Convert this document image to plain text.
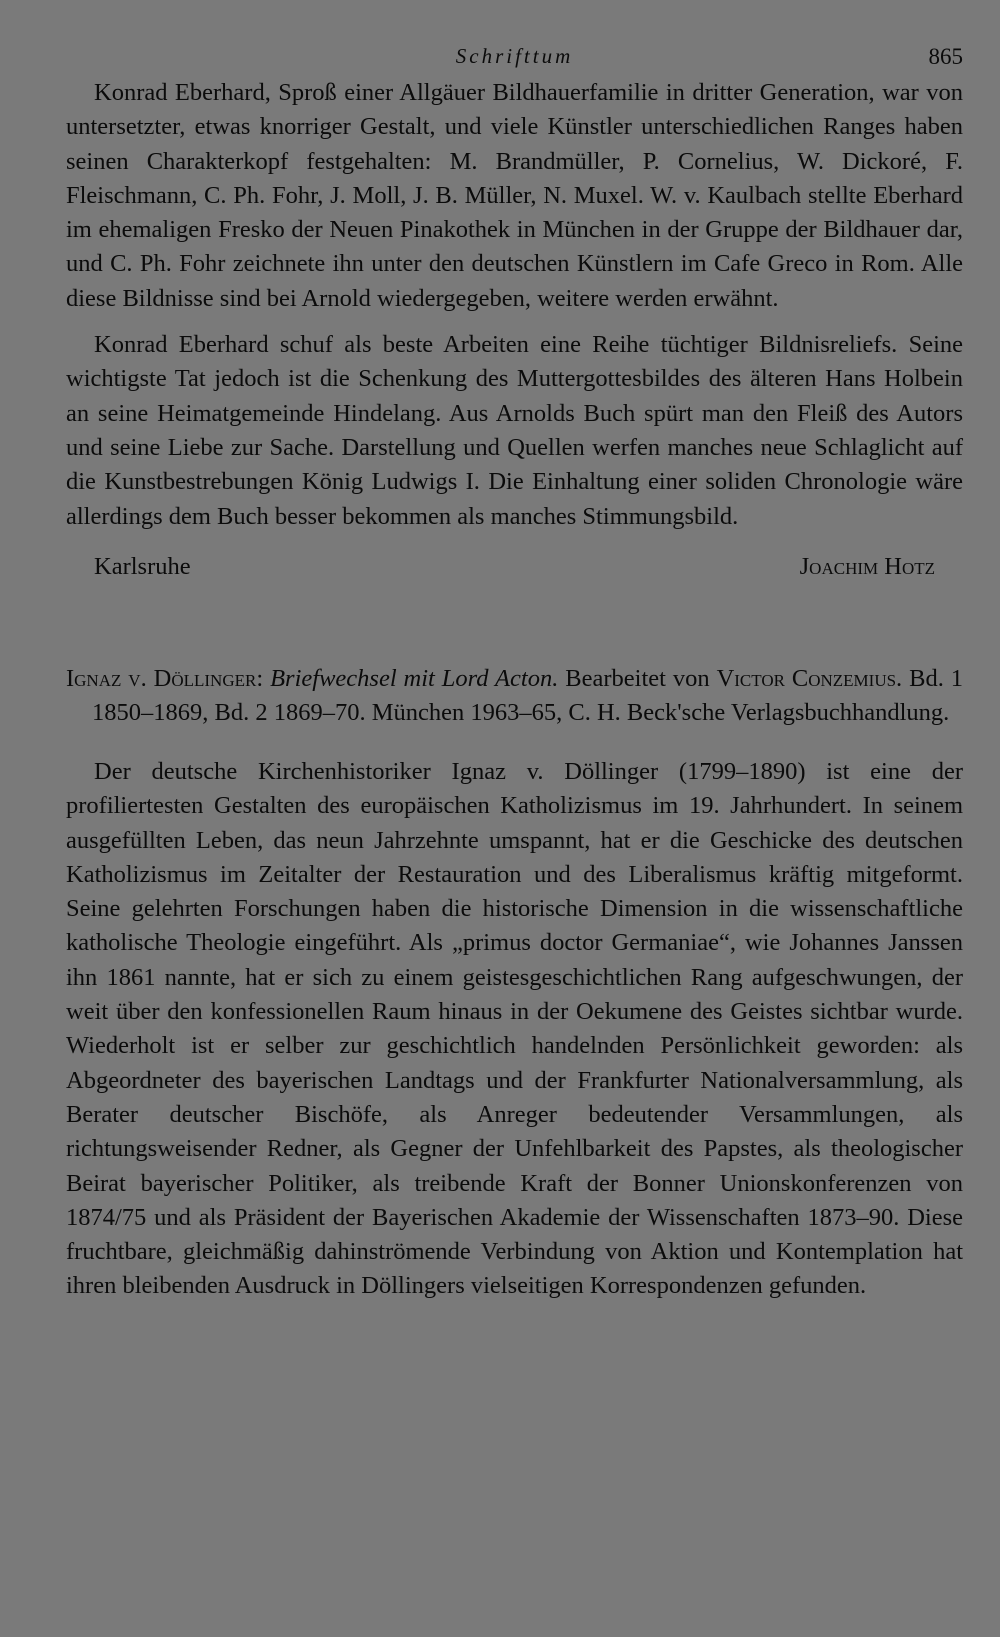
Schrifttum	865

Konrad Eberhard, Sproß einer Allgäuer Bildhauerfamilie in dritter Generation, war von untersetzter, etwas knorriger Gestalt, und viele Künstler unterschiedlichen Ranges haben seinen Charakterkopf festgehalten: M. Brandmüller, P. Cornelius, W. Dickoré, F. Fleischmann, C. Ph. Fohr, J. Moll, J. B. Müller, N. Muxel. W. v. Kaulbach stellte Eberhard im ehemaligen Fresko der Neuen Pinakothek in München in der Gruppe der Bildhauer dar, und C. Ph. Fohr zeichnete ihn unter den deutschen Künstlern im Cafe Greco in Rom. Alle diese Bildnisse sind bei Arnold wiedergegeben, weitere werden erwähnt.

Konrad Eberhard schuf als beste Arbeiten eine Reihe tüchtiger Bildnisreliefs. Seine wichtigste Tat jedoch ist die Schenkung des Muttergottesbildes des älteren Hans Holbein an seine Heimatgemeinde Hindelang. Aus Arnolds Buch spürt man den Fleiß des Autors und seine Liebe zur Sache. Darstellung und Quellen werfen manches neue Schlaglicht auf die Kunstbestrebungen König Ludwigs I. Die Einhaltung einer soliden Chronologie wäre allerdings dem Buch besser bekommen als manches Stimmungsbild.

Karlsruhe	Joachim Hotz

Ignaz v. Döllinger: Briefwechsel mit Lord Acton. Bearbeitet von Victor Conzemius. Bd. 1 1850–1869, Bd. 2 1869–70. München 1963–65, C. H. Beck'sche Verlagsbuchhandlung.

Der deutsche Kirchenhistoriker Ignaz v. Döllinger (1799–1890) ist eine der profiliertesten Gestalten des europäischen Katholizismus im 19. Jahrhundert. In seinem ausgefüllten Leben, das neun Jahrzehnte umspannt, hat er die Geschicke des deutschen Katholizismus im Zeitalter der Restauration und des Liberalismus kräftig mitgeformt. Seine gelehrten Forschungen haben die historische Dimension in die wissenschaftliche katholische Theologie eingeführt. Als „primus doctor Germaniae“, wie Johannes Janssen ihn 1861 nannte, hat er sich zu einem geistesgeschichtlichen Rang aufgeschwungen, der weit über den konfessionellen Raum hinaus in der Oekumene des Geistes sichtbar wurde. Wiederholt ist er selber zur geschichtlich handelnden Persönlichkeit geworden: als Abgeordneter des bayerischen Landtags und der Frankfurter Nationalversammlung, als Berater deutscher Bischöfe, als Anreger bedeutender Versammlungen, als richtungsweisender Redner, als Gegner der Unfehlbarkeit des Papstes, als theologischer Beirat bayerischer Politiker, als treibende Kraft der Bonner Unionskonferenzen von 1874/75 und als Präsident der Bayerischen Akademie der Wissenschaften 1873–90. Diese fruchtbare, gleichmäßig dahinströmende Verbindung von Aktion und Kontemplation hat ihren bleibenden Ausdruck in Döllingers vielseitigen Korrespondenzen gefunden.
